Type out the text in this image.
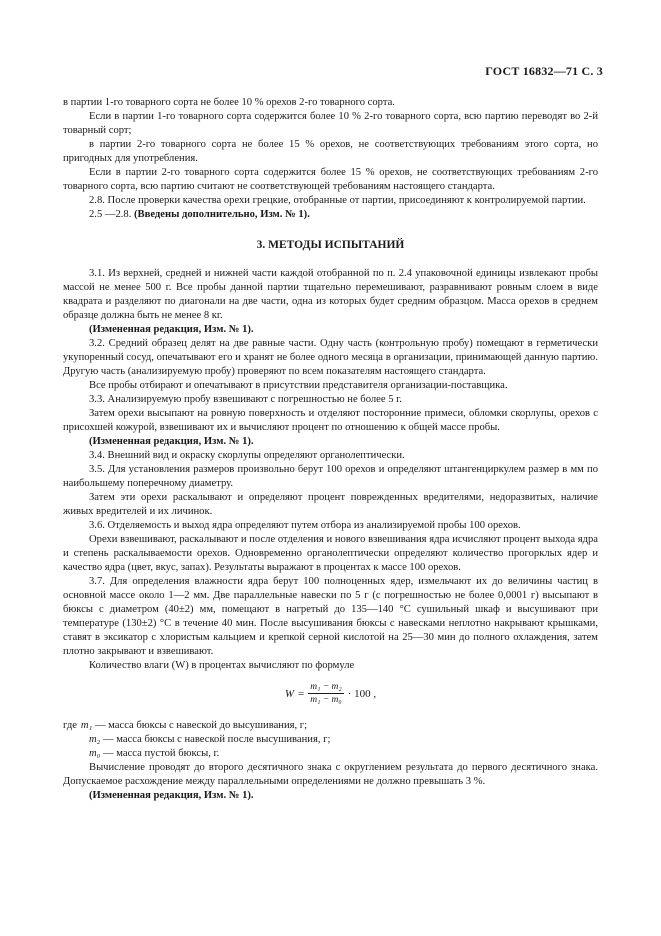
ГОСТ 16832—71 С. 3

в партии 1-го товарного сорта не более 10 % орехов 2-го товарного сорта.

Если в партии 1-го товарного сорта содержится более 10 % 2-го товарного сорта, всю партию переводят во 2-й товарный сорт;

в партии 2-го товарного сорта не более 15 % орехов, не соответствующих требованиям этого сорта, но пригодных для употребления.

Если в партии 2-го товарного сорта содержится более 15 % орехов, не соответствующих требованиям 2-го товарного сорта, всю партию считают не соответствующей требованиям настоящего стандарта.

2.8. После проверки качества орехи грецкие, отобранные от партии, присоединяют к контролируемой партии.

2.5 —2.8. (Введены дополнительно, Изм. № 1).

3. МЕТОДЫ ИСПЫТАНИЙ

3.1. Из верхней, средней и нижней части каждой отобранной по п. 2.4 упаковочной единицы извлекают пробы массой не менее 500 г. Все пробы данной партии тщательно перемешивают, разравнивают ровным слоем в виде квадрата и разделяют по диагонали на две части, одна из которых будет средним образцом. Масса орехов в среднем образце должна быть не менее 8 кг.

(Измененная редакция, Изм. № 1).

3.2. Средний образец делят на две равные части. Одну часть (контрольную пробу) помещают в герметически укупоренный сосуд, опечатывают его и хранят не более одного месяца в организации, принимающей данную партию. Другую часть (анализируемую пробу) проверяют по всем показателям настоящего стандарта.

Все пробы отбирают и опечатывают в присутствии представителя организации-поставщика.

3.3. Анализируемую пробу взвешивают с погрешностью не более 5 г.

Затем орехи высыпают на ровную поверхность и отделяют посторонние примеси, обломки скорлупы, орехов с присохшей кожурой, взвешивают их и вычисляют процент по отношению к общей массе пробы.

(Измененная редакция, Изм. № 1).

3.4. Внешний вид и окраску скорлупы определяют органолептически.

3.5. Для установления размеров произвольно берут 100 орехов и определяют штангенциркулем размер в мм по наибольшему поперечному диаметру.

Затем эти орехи раскалывают и определяют процент поврежденных вредителями, недоразвитых, наличие живых вредителей и их личинок.

3.6. Отделяемость и выход ядра определяют путем отбора из анализируемой пробы 100 орехов.

Орехи взвешивают, раскалывают и после отделения и нового взвешивания ядра исчисляют процент выхода ядра и степень раскалываемости орехов. Одновременно органолептически определяют количество прогорклых ядер и качество ядра (цвет, вкус, запах). Результаты выражают в процентах к массе 100 орехов.

3.7. Для определения влажности ядра берут 100 полноценных ядер, измельчают их до величины частиц в основной массе около 1—2 мм. Две параллельные навески по 5 г (с погрешностью не более 0,0001 г) высыпают в бюксы с диаметром (40±2) мм, помещают в нагретый до 135—140 °С сушильный шкаф и высушивают при температуре (130±2) °С в течение 40 мин. После высушивания бюксы с навесками неплотно накрывают крышками, ставят в эксикатор с хлористым кальцием и крепкой серной кислотой на 25—30 мин до полного охлаждения, затем плотно закрывают и взвешивают.

Количество влаги (W) в процентах вычисляют по формуле

$W = \frac{\text{m₁ − m₂}}{\text{m₁ − m₀}} \cdot 100$ ,
где m₁
— масса бюксы с навеской до высушивания, г;
m₂
— масса бюксы с навеской после высушивания, г;
m₀
— масса пустой бюксы, г.

Вычисление проводят до второго десятичного знака с округлением результата до первого десятичного знака. Допускаемое расхождение между параллельными определениями не должно превышать 3 %.

(Измененная редакция, Изм. № 1).
